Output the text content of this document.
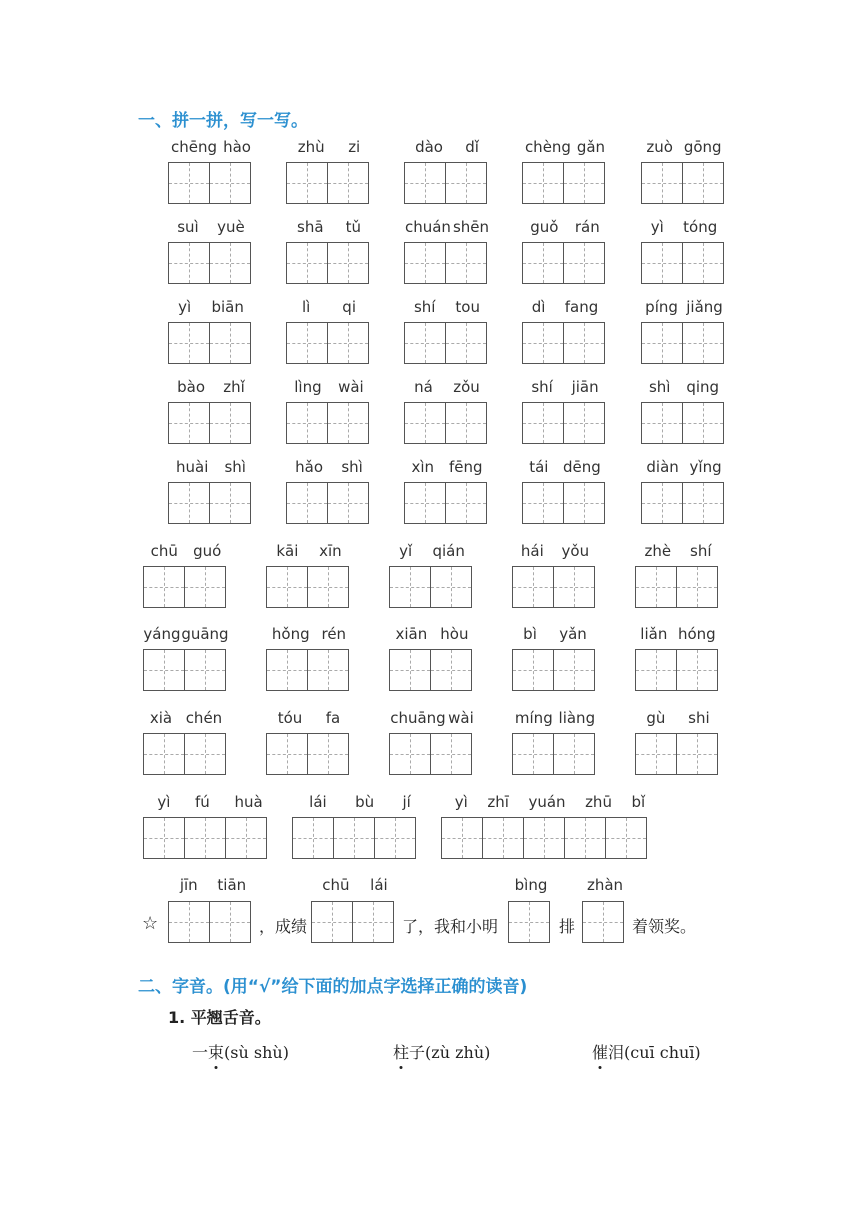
一、拼一拼，写一写。
yì fú huà	lái bù jí	yì zhī yuán zhū bǐ
jīn tiān	chū lái	bìng	zhàn
☆	，成绩	了，我和小明	排	着领奖。
二、字音。(用“√”给下面的加点字选择正确的读音)
1. 平翘舌音。
一束(sù shù)	柱子(zù zhù)	催泪(cuī chuī)
chēng hào	zhù zi	dào dǐ	chèng gǎn	zuò gōng
suì yuè	shā tǔ	chuán shēn	guǒ rán	yì tóng
yì biān	lì qi	shí tou	dì fang	píng jiǎng
bào zhǐ	lìng wài	ná zǒu	shí jiān	shì qing
huài shì	hǎo shì	xìn fēng	tái dēng	diàn yǐng
chū guó	kāi xīn	yǐ qián	hái yǒu	zhè shí
yáng guāng	hǒng rén	xiān hòu	bì yǎn	liǎn hóng
xià chén	tóu fa	chuāng wài	míng liàng	gù shi
